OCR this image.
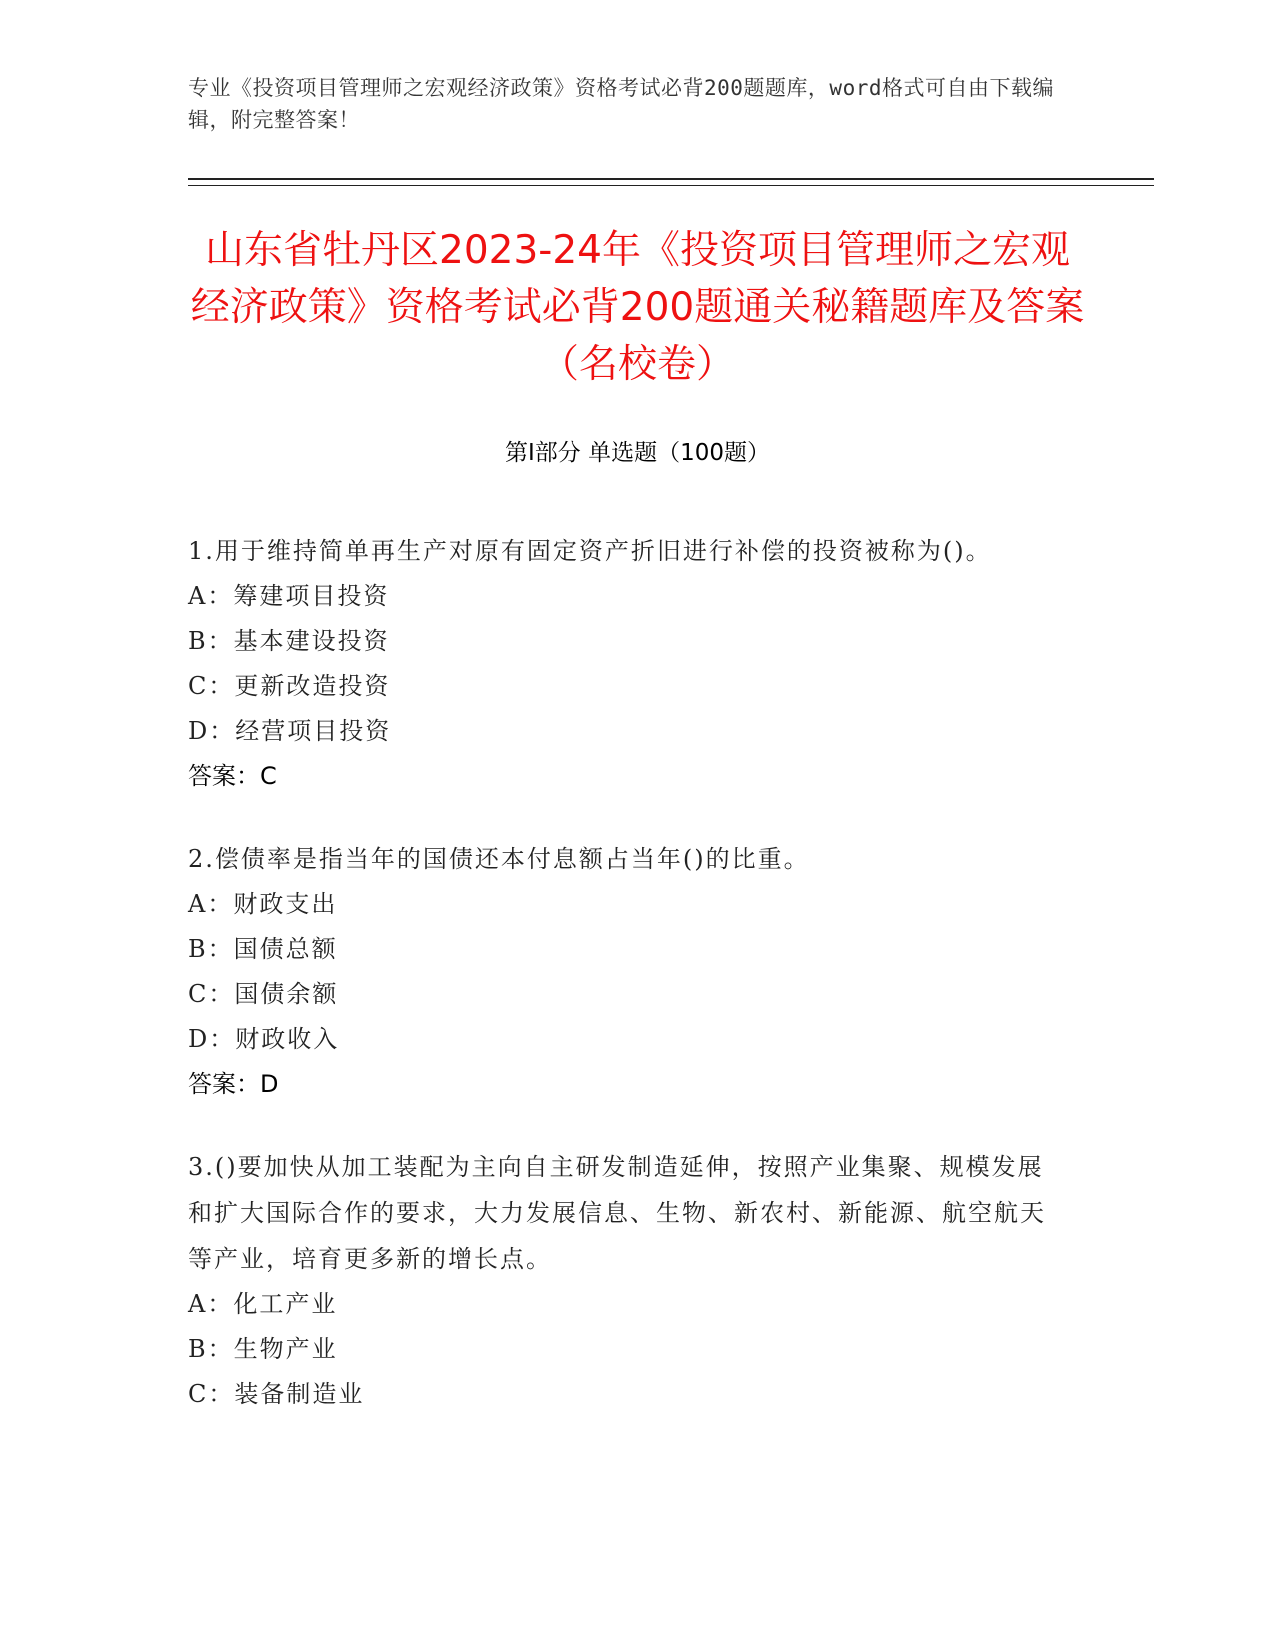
专业《投资项目管理师之宏观经济政策》资格考试必背200题题库，word格式可自由下载编辑，附完整答案！
山东省牡丹区2023-24年《投资项目管理师之宏观经济政策》资格考试必背200题通关秘籍题库及答案（名校卷）
第Ⅰ部分 单选题（100题）
1.用于维持简单再生产对原有固定资产折旧进行补偿的投资被称为()。
A：筹建项目投资
B：基本建设投资
C：更新改造投资
D：经营项目投资
答案：C
2.偿债率是指当年的国债还本付息额占当年()的比重。
A：财政支出
B：国债总额
C：国债余额
D：财政收入
答案：D
3.()要加快从加工装配为主向自主研发制造延伸，按照产业集聚、规模发展和扩大国际合作的要求，大力发展信息、生物、新农村、新能源、航空航天等产业，培育更多新的增长点。
A：化工产业
B：生物产业
C：装备制造业
